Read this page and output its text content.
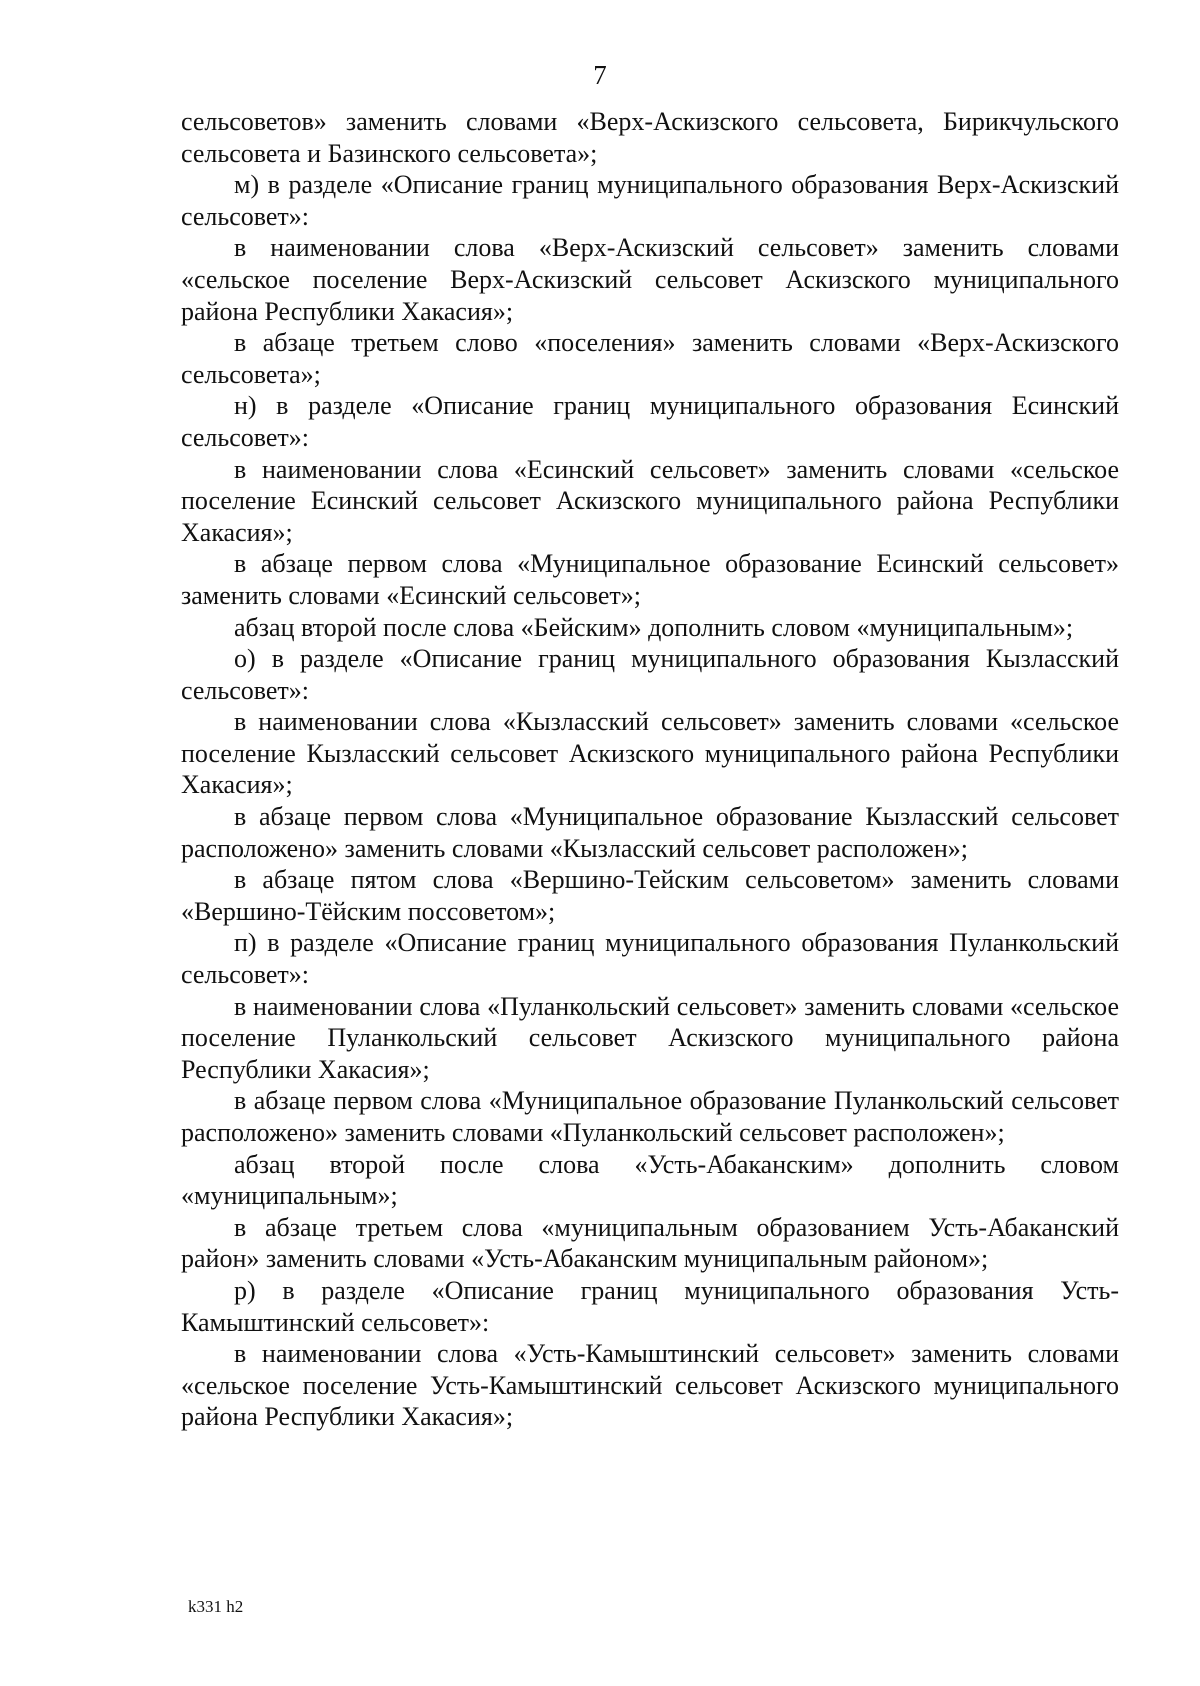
7

сельсоветов» заменить словами «Верх-Аскизского сельсовета, Бирикчульского сельсовета и Базинского сельсовета»;

м) в разделе «Описание границ муниципального образования Верх-Аскизский сельсовет»:

в наименовании слова «Верх-Аскизский сельсовет» заменить словами «сельское поселение Верх-Аскизский сельсовет Аскизского муниципального района Республики Хакасия»;

в абзаце третьем слово «поселения» заменить словами «Верх-Аскизского сельсовета»;

н) в разделе «Описание границ муниципального образования Есинский сельсовет»:

в наименовании слова «Есинский сельсовет» заменить словами «сельское поселение Есинский сельсовет Аскизского муниципального района Республики Хакасия»;

в абзаце первом слова «Муниципальное образование Есинский сельсовет» заменить словами «Есинский сельсовет»;

абзац второй после слова «Бейским» дополнить словом «муниципальным»;

о) в разделе «Описание границ муниципального образования Кызласский сельсовет»:

в наименовании слова «Кызласский сельсовет» заменить словами «сельское поселение Кызласский сельсовет Аскизского муниципального района Республики Хакасия»;

в абзаце первом слова «Муниципальное образование Кызласский сельсовет расположено» заменить словами «Кызласский сельсовет расположен»;

в абзаце пятом слова «Вершино-Тейским сельсоветом» заменить словами «Вершино-Тёйским поссоветом»;

п) в разделе «Описание границ муниципального образования Пуланкольский сельсовет»:

в наименовании слова «Пуланкольский сельсовет» заменить словами «сельское поселение Пуланкольский сельсовет Аскизского муниципального района Республики Хакасия»;

в абзаце первом слова «Муниципальное образование Пуланкольский сельсовет расположено» заменить словами «Пуланкольский сельсовет расположен»;

абзац второй после слова «Усть-Абаканским» дополнить словом «муниципальным»;

в абзаце третьем слова «муниципальным образованием Усть-Абаканский район» заменить словами «Усть-Абаканским муниципальным районом»;

р) в разделе «Описание границ муниципального образования Усть-Камыштинский сельсовет»:

в наименовании слова «Усть-Камыштинский сельсовет» заменить словами «сельское поселение Усть-Камыштинский сельсовет Аскизского муниципального района Республики Хакасия»;

k331 h2
